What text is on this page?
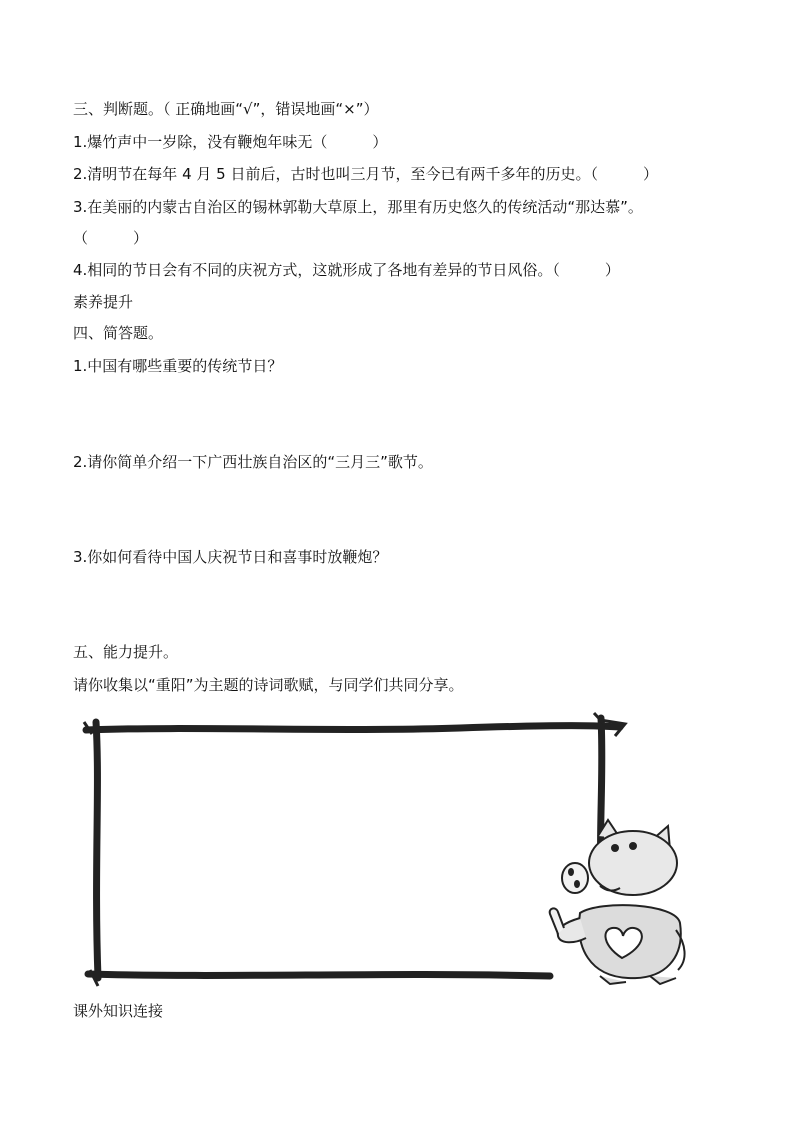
三、判断题。（ 正确地画“√”，错误地画“×”）
1.爆竹声中一岁除，没有鞭炮年味无（　　　）
2.清明节在每年 4 月 5 日前后，古时也叫三月节，至今已有两千多年的历史。（　　　）
3.在美丽的内蒙古自治区的锡林郭勒大草原上，那里有历史悠久的传统活动“那达慕”。
（　　　）
4.相同的节日会有不同的庆祝方式，这就形成了各地有差异的节日风俗。（　　　）
素养提升
四、简答题。
1.中国有哪些重要的传统节日？
2.请你简单介绍一下广西壮族自治区的“三月三”歌节。
3.你如何看待中国人庆祝节日和喜事时放鞭炮？
五、能力提升。
请你收集以“重阳”为主题的诗词歌赋，与同学们共同分享。
课外知识连接
